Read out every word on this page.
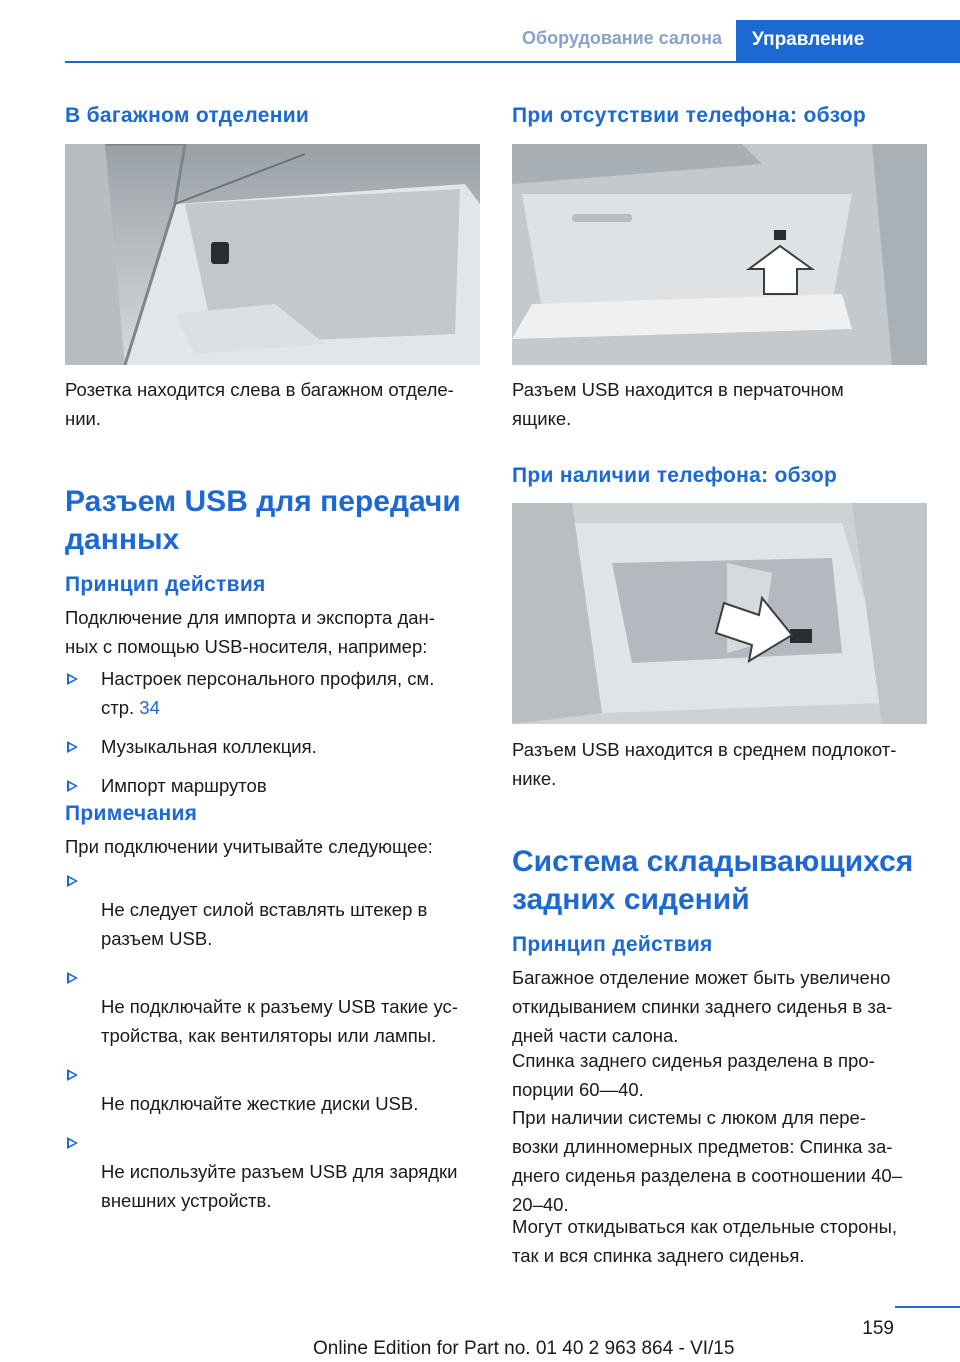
Оборудование салона	Управление
В багажном отделении
Розетка находится слева в багажном отделе-
нии.
Разъем USB для передачи
данных
Принцип действия
Подключение для импорта и экспорта дан-
ных с помощью USB-носителя, например:
Настроек персонального профиля, см.
стр. 34
Музыкальная коллекция.
Импорт маршрутов
Примечания
При подключении учитывайте следующее:

Не следует силой вставлять штекер в
разъем USB.

Не подключайте к разъему USB такие ус-
тройства, как вентиляторы или лампы.

Не подключайте жесткие диски USB.

Не используйте разъем USB для зарядки
внешних устройств.

При отсутствии телефона: обзор
Разъем USB находится в перчаточном
ящике.
При наличии телефона: обзор
Разъем USB находится в среднем подлокот-
нике.
Система складывающихся
задних сидений
Принцип действия
Багажное отделение может быть увеличено
откидыванием спинки заднего сиденья в за-
дней части салона.
Спинка заднего сиденья разделена в про-
порции 60—40.
При наличии системы с люком для пере-
возки длинномерных предметов: Спинка за-
днего сиденья разделена в соотношении 40–
20–40.
Могут откидываться как отдельные стороны,
так и вся спинка заднего сиденья.
159
Online Edition for Part no. 01 40 2 963 864 - VI/15
